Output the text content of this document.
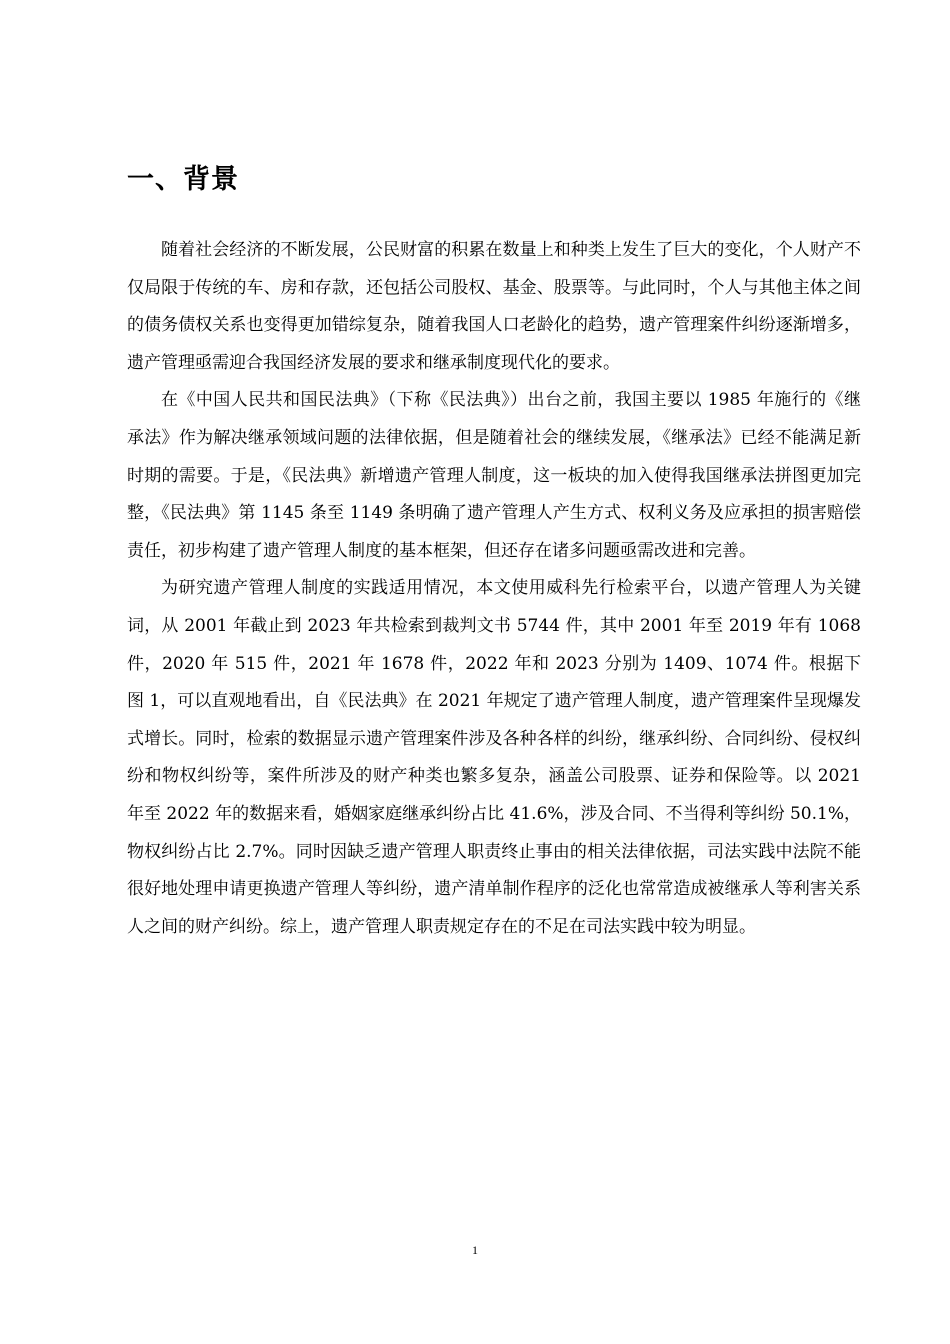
一、背景

随着社会经济的不断发展，公民财富的积累在数量上和种类上发生了巨大的变化，个人财产不仅局限于传统的车、房和存款，还包括公司股权、基金、股票等。与此同时，个人与其他主体之间的债务债权关系也变得更加错综复杂，随着我国人口老龄化的趋势，遗产管理案件纠纷逐渐增多，遗产管理亟需迎合我国经济发展的要求和继承制度现代化的要求。

在《中国人民共和国民法典》（下称《民法典》）出台之前，我国主要以 1985 年施行的《继承法》作为解决继承领域问题的法律依据，但是随着社会的继续发展，《继承法》已经不能满足新时期的需要。于是，《民法典》新增遗产管理人制度，这一板块的加入使得我国继承法拼图更加完整，《民法典》第 1145 条至 1149 条明确了遗产管理人产生方式、权利义务及应承担的损害赔偿责任，初步构建了遗产管理人制度的基本框架，但还存在诸多问题亟需改进和完善。

为研究遗产管理人制度的实践适用情况，本文使用威科先行检索平台，以遗产管理人为关键词，从 2001 年截止到 2023 年共检索到裁判文书 5744 件，其中 2001 年至 2019 年有 1068 件，2020 年 515 件，2021 年 1678 件，2022 年和 2023 分别为 1409、1074 件。根据下图 1，可以直观地看出，自《民法典》在 2021 年规定了遗产管理人制度，遗产管理案件呈现爆发式增长。同时，检索的数据显示遗产管理案件涉及各种各样的纠纷，继承纠纷、合同纠纷、侵权纠纷和物权纠纷等，案件所涉及的财产种类也繁多复杂，涵盖公司股票、证券和保险等。以 2021 年至 2022 年的数据来看，婚姻家庭继承纠纷占比 41.6%，涉及合同、不当得利等纠纷 50.1%，物权纠纷占比 2.7%。同时因缺乏遗产管理人职责终止事由的相关法律依据，司法实践中法院不能很好地处理申请更换遗产管理人等纠纷，遗产清单制作程序的泛化也常常造成被继承人等利害关系人之间的财产纠纷。综上，遗产管理人职责规定存在的不足在司法实践中较为明显。

1
